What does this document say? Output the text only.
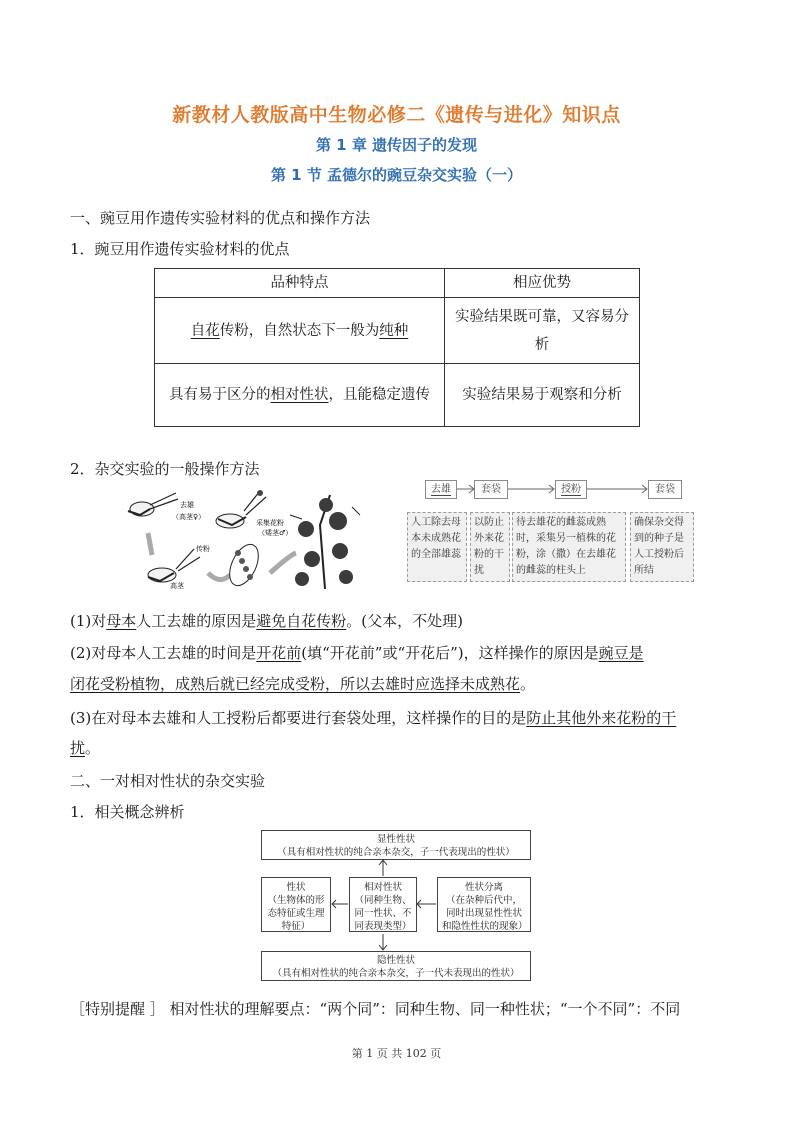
新教材人教版高中生物必修二《遗传与进化》知识点
第 1 章 遗传因子的发现
第 1 节 孟德尔的豌豆杂交实验（一）
一、豌豆用作遗传实验材料的优点和操作方法
1．豌豆用作遗传实验材料的优点
品种特点	相应优势
自花传粉，自然状态下一般为纯种	实验结果既可靠，又容易分析
具有易于区分的相对性状，且能稳定遗传	实验结果易于观察和分析
2．杂交实验的一般操作方法
去雄
（高茎♀）
采集花粉
（矮茎♂）
传粉
高茎
去雄	套袋	授粉	套袋
人工除去母本未成熟花的全部雄蕊
以防止外来花粉的干扰
待去雄花的雌蕊成熟时，采集另一植株的花粉，涂（撒）在去雄花的雌蕊的柱头上
确保杂交得到的种子是人工授粉后所结
(1)对母本人工去雄的原因是避免自花传粉。(父本，不处理)
(2)对母本人工去雄的时间是开花前(填“开花前”或“开花后”)，这样操作的原因是豌豆是
闭花受粉植物，成熟后就已经完成受粉，所以去雄时应选择未成熟花。
(3)在对母本去雄和人工授粉后都要进行套袋处理，这样操作的目的是防止其他外来花粉的干
扰。
二、一对相对性状的杂交实验
1．相关概念辨析
显性性状
（具有相对性状的纯合亲本杂交，子一代表现出的性状）
性状
（生物体的形态特征或生理特征）
相对性状
（同种生物、同一性状、不同表现类型）
性状分离
（在杂种后代中，同时出现显性性状和隐性性状的现象）
隐性性状
（具有相对性状的纯合亲本杂交，子一代未表现出的性状）
［特别提醒 ］ 相对性状的理解要点：“两个同”：同种生物、同一种性状；“一个不同”：不同
第 1 页 共 102 页
